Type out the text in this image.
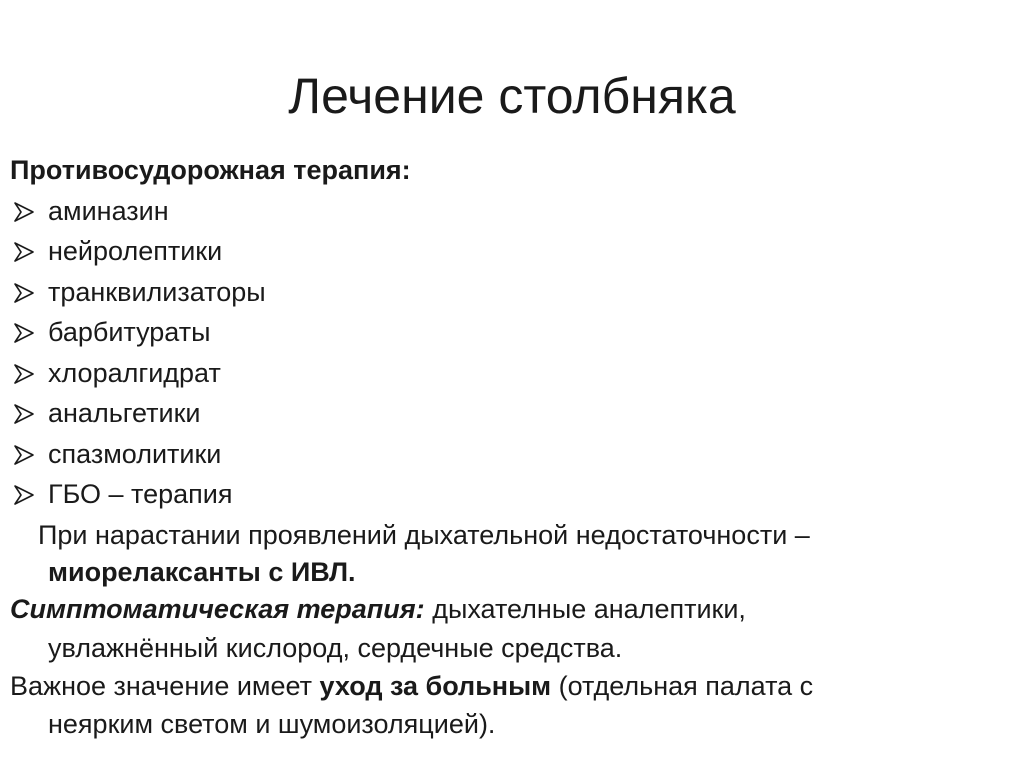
Лечение столбняка

Противосудорожная терапия:

аминазин
нейролептики
транквилизаторы
барбитураты
хлоралгидрат
анальгетики
спазмолитики
ГБО – терапия

При нарастании проявлений дыхательной недостаточности –
миорелаксанты с ИВЛ.

Симптоматическая терапия: дыхателные аналептики,
увлажнённый кислород, сердечные средства.

Важное значение имеет уход за больным (отдельная палата с
неярким светом и шумоизоляцией).
